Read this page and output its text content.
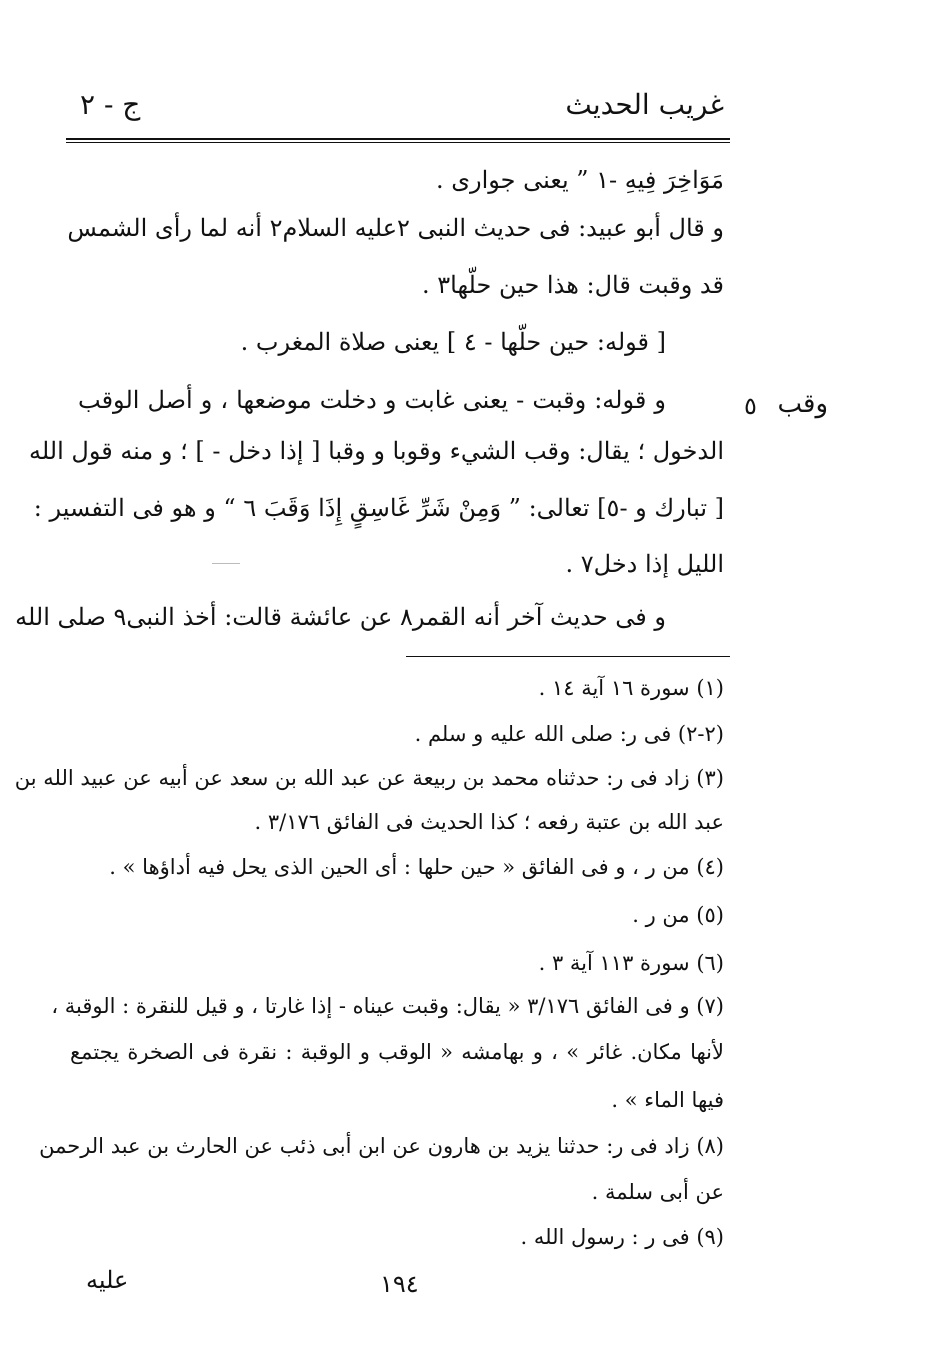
غريب الحديث
ج - ٢
مَوَاخِرَ فِيهِ -١ ” يعنى جوارى .
و قال أبو عبيد: فى حديث النبى ٢عليه السلام٢ أنه لما رأى الشمس
قد وقبت قال: هذا حين حلّها٣ .
[ قوله: حين حلّها - ٤ ] يعنى صلاة المغرب .
وقب
٥
و قوله: وقبت - يعنى غابت و دخلت موضعها ، و أصل الوقب
الدخول ؛ يقال: وقب الشيء وقوبا و وقبا [ إذا دخل - ] ؛ و منه قول الله
[ تبارك و -٥] تعالى: ” وَمِنْ شَرِّ غَاسِقٍ إِذَا وَقَبَ ٦ “ و هو فى التفسير :
الليل إذا دخل٧ .
و فى حديث آخر أنه القمر٨ عن عائشة قالت: أخذ النبى٩ صلى الله
(١) سورة ١٦ آية ١٤ .
(٢-٢) فى ر: صلى الله عليه و سلم .
(٣) زاد فى ر: حدثناه محمد بن ربيعة عن عبد الله بن سعد عن أبيه عن عبيد الله بن
عبد الله بن عتبة رفعه ؛ كذا الحديث فى الفائق ٣/١٧٦ .
(٤) من ر ، و فى الفائق « حين حلها : أى الحين الذى يحل فيه أداؤها » .
(٥) من ر .
(٦) سورة ١١٣ آية ٣ .
(٧) و فى الفائق ٣/١٧٦ « يقال: وقبت عيناه - إذا غارتا ، و قيل للنقرة : الوقبة ،
لأنها مكان. غائر » ، و بهامشه « الوقب و الوقبة : نقرة فى الصخرة يجتمع
فيها الماء » .
(٨) زاد فى ر: حدثنا يزيد بن هارون عن ابن أبى ذئب عن الحارث بن عبد الرحمن
عن أبى سلمة .
(٩) فى ر : رسول الله .
١٩٤
عليه
